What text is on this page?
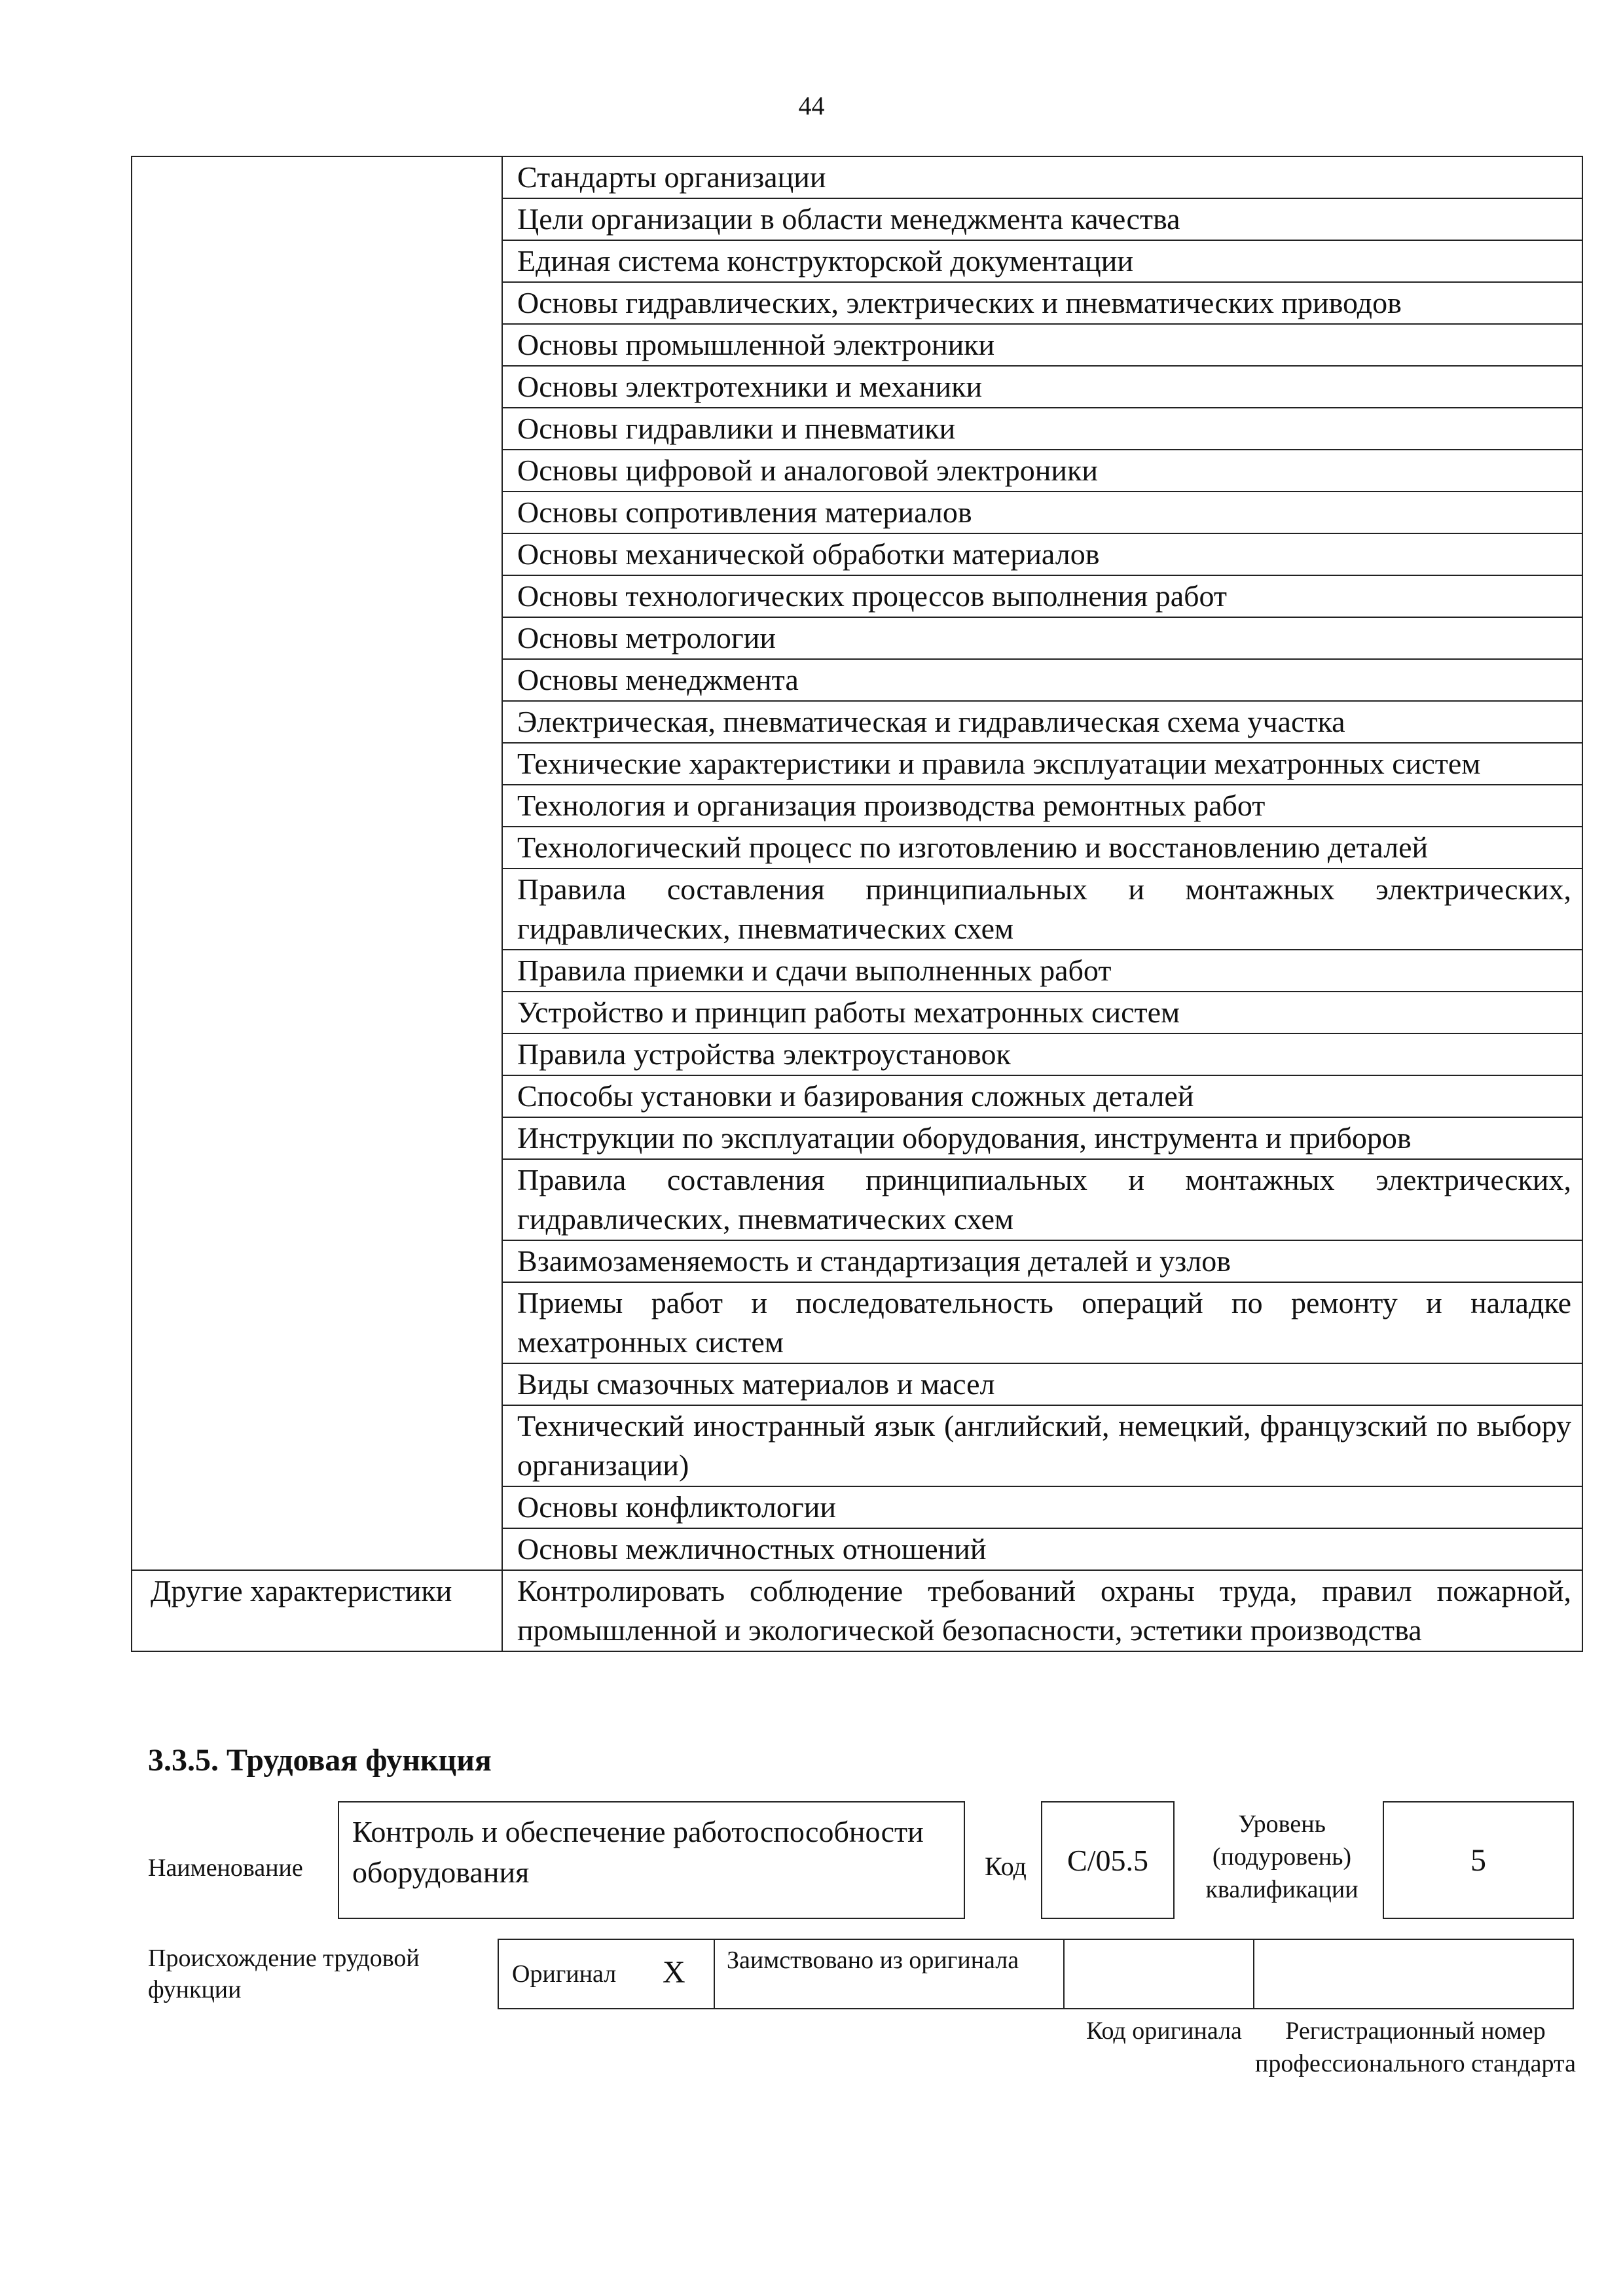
44
	Стандарты организации
	Цели организации в области менеджмента качества
	Единая система конструкторской документации
	Основы гидравлических, электрических и пневматических приводов
	Основы промышленной электроники
	Основы электротехники и механики
	Основы гидравлики и пневматики
	Основы цифровой и аналоговой электроники
	Основы сопротивления материалов
	Основы механической обработки материалов
	Основы технологических процессов выполнения работ
	Основы метрологии
	Основы менеджмента
	Электрическая, пневматическая и гидравлическая схема участка
	Технические характеристики и правила эксплуатации мехатронных систем
	Технология и организация производства ремонтных работ
	Технологический процесс по изготовлению и восстановлению деталей
	Правила составления принципиальных и монтажных электрических, гидравлических, пневматических схем
	Правила приемки и сдачи выполненных работ
	Устройство и принцип работы мехатронных систем
	Правила устройства электроустановок
	Способы установки и базирования сложных деталей
	Инструкции по эксплуатации оборудования, инструмента и приборов
	Правила составления принципиальных и монтажных электрических, гидравлических, пневматических схем
	Взаимозаменяемость и стандартизация деталей и узлов
	Приемы работ и последовательность операций по ремонту и наладке мехатронных систем
	Виды смазочных материалов и масел
	Технический иностранный язык (английский, немецкий, французский по выбору организации)
	Основы конфликтологии
	Основы межличностных отношений
Другие характеристики	Контролировать соблюдение требований охраны труда, правил пожарной, промышленной и экологической безопасности, эстетики производства
3.3.5. Трудовая функция
Наименование
Контроль и обеспечение работоспособности оборудования	Код C/05.5
Уровень (подуровень) квалификации
5
Происхождение трудовой функции
Оригинал X	Заимствовано из оригинала
Код оригинала	Регистрационный номер профессионального стандарта
